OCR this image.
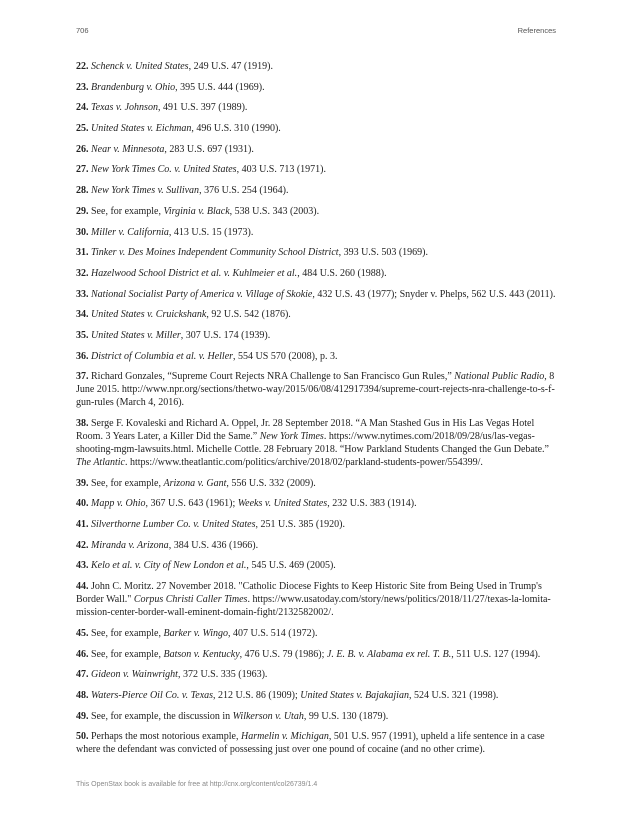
706	References

22. Schenck v. United States, 249 U.S. 47 (1919).

23. Brandenburg v. Ohio, 395 U.S. 444 (1969).

24. Texas v. Johnson, 491 U.S. 397 (1989).

25. United States v. Eichman, 496 U.S. 310 (1990).

26. Near v. Minnesota, 283 U.S. 697 (1931).

27. New York Times Co. v. United States, 403 U.S. 713 (1971).

28. New York Times v. Sullivan, 376 U.S. 254 (1964).

29. See, for example, Virginia v. Black, 538 U.S. 343 (2003).

30. Miller v. California, 413 U.S. 15 (1973).

31. Tinker v. Des Moines Independent Community School District, 393 U.S. 503 (1969).

32. Hazelwood School District et al. v. Kuhlmeier et al., 484 U.S. 260 (1988).

33. National Socialist Party of America v. Village of Skokie, 432 U.S. 43 (1977); Snyder v. Phelps, 562 U.S. 443 (2011).

34. United States v. Cruickshank, 92 U.S. 542 (1876).

35. United States v. Miller, 307 U.S. 174 (1939).

36. District of Columbia et al. v. Heller, 554 US 570 (2008), p. 3.

37. Richard Gonzales, “Supreme Court Rejects NRA Challenge to San Francisco Gun Rules,” National Public Radio, 8 June 2015. http://www.npr.org/sections/thetwo-way/2015/06/08/412917394/supreme-court-rejects-nra-challenge-to-s-f-gun-rules (March 4, 2016).

38. Serge F. Kovaleski and Richard A. Oppel, Jr. 28 September 2018. “A Man Stashed Gus in His Las Vegas Hotel Room. 3 Years Later, a Killer Did the Same.” New York Times. https://www.nytimes.com/2018/09/28/us/las-vegas-shooting-mgm-lawsuits.html. Michelle Cottle. 28 February 2018. “How Parkland Students Changed the Gun Debate.” The Atlantic. https://www.theatlantic.com/politics/archive/2018/02/parkland-students-power/554399/.

39. See, for example, Arizona v. Gant, 556 U.S. 332 (2009).

40. Mapp v. Ohio, 367 U.S. 643 (1961); Weeks v. United States, 232 U.S. 383 (1914).

41. Silverthorne Lumber Co. v. United States, 251 U.S. 385 (1920).

42. Miranda v. Arizona, 384 U.S. 436 (1966).

43. Kelo et al. v. City of New London et al., 545 U.S. 469 (2005).

44. John C. Moritz. 27 November 2018. "Catholic Diocese Fights to Keep Historic Site from Being Used in Trump's Border Wall." Corpus Christi Caller Times. https://www.usatoday.com/story/news/politics/2018/11/27/texas-la-lomita-mission-center-border-wall-eminent-domain-fight/2132582002/.

45. See, for example, Barker v. Wingo, 407 U.S. 514 (1972).

46. See, for example, Batson v. Kentucky, 476 U.S. 79 (1986); J. E. B. v. Alabama ex rel. T. B., 511 U.S. 127 (1994).

47. Gideon v. Wainwright, 372 U.S. 335 (1963).

48. Waters-Pierce Oil Co. v. Texas, 212 U.S. 86 (1909); United States v. Bajakajian, 524 U.S. 321 (1998).

49. See, for example, the discussion in Wilkerson v. Utah, 99 U.S. 130 (1879).

50. Perhaps the most notorious example, Harmelin v. Michigan, 501 U.S. 957 (1991), upheld a life sentence in a case where the defendant was convicted of possessing just over one pound of cocaine (and no other crime).

This OpenStax book is available for free at http://cnx.org/content/col26739/1.4
